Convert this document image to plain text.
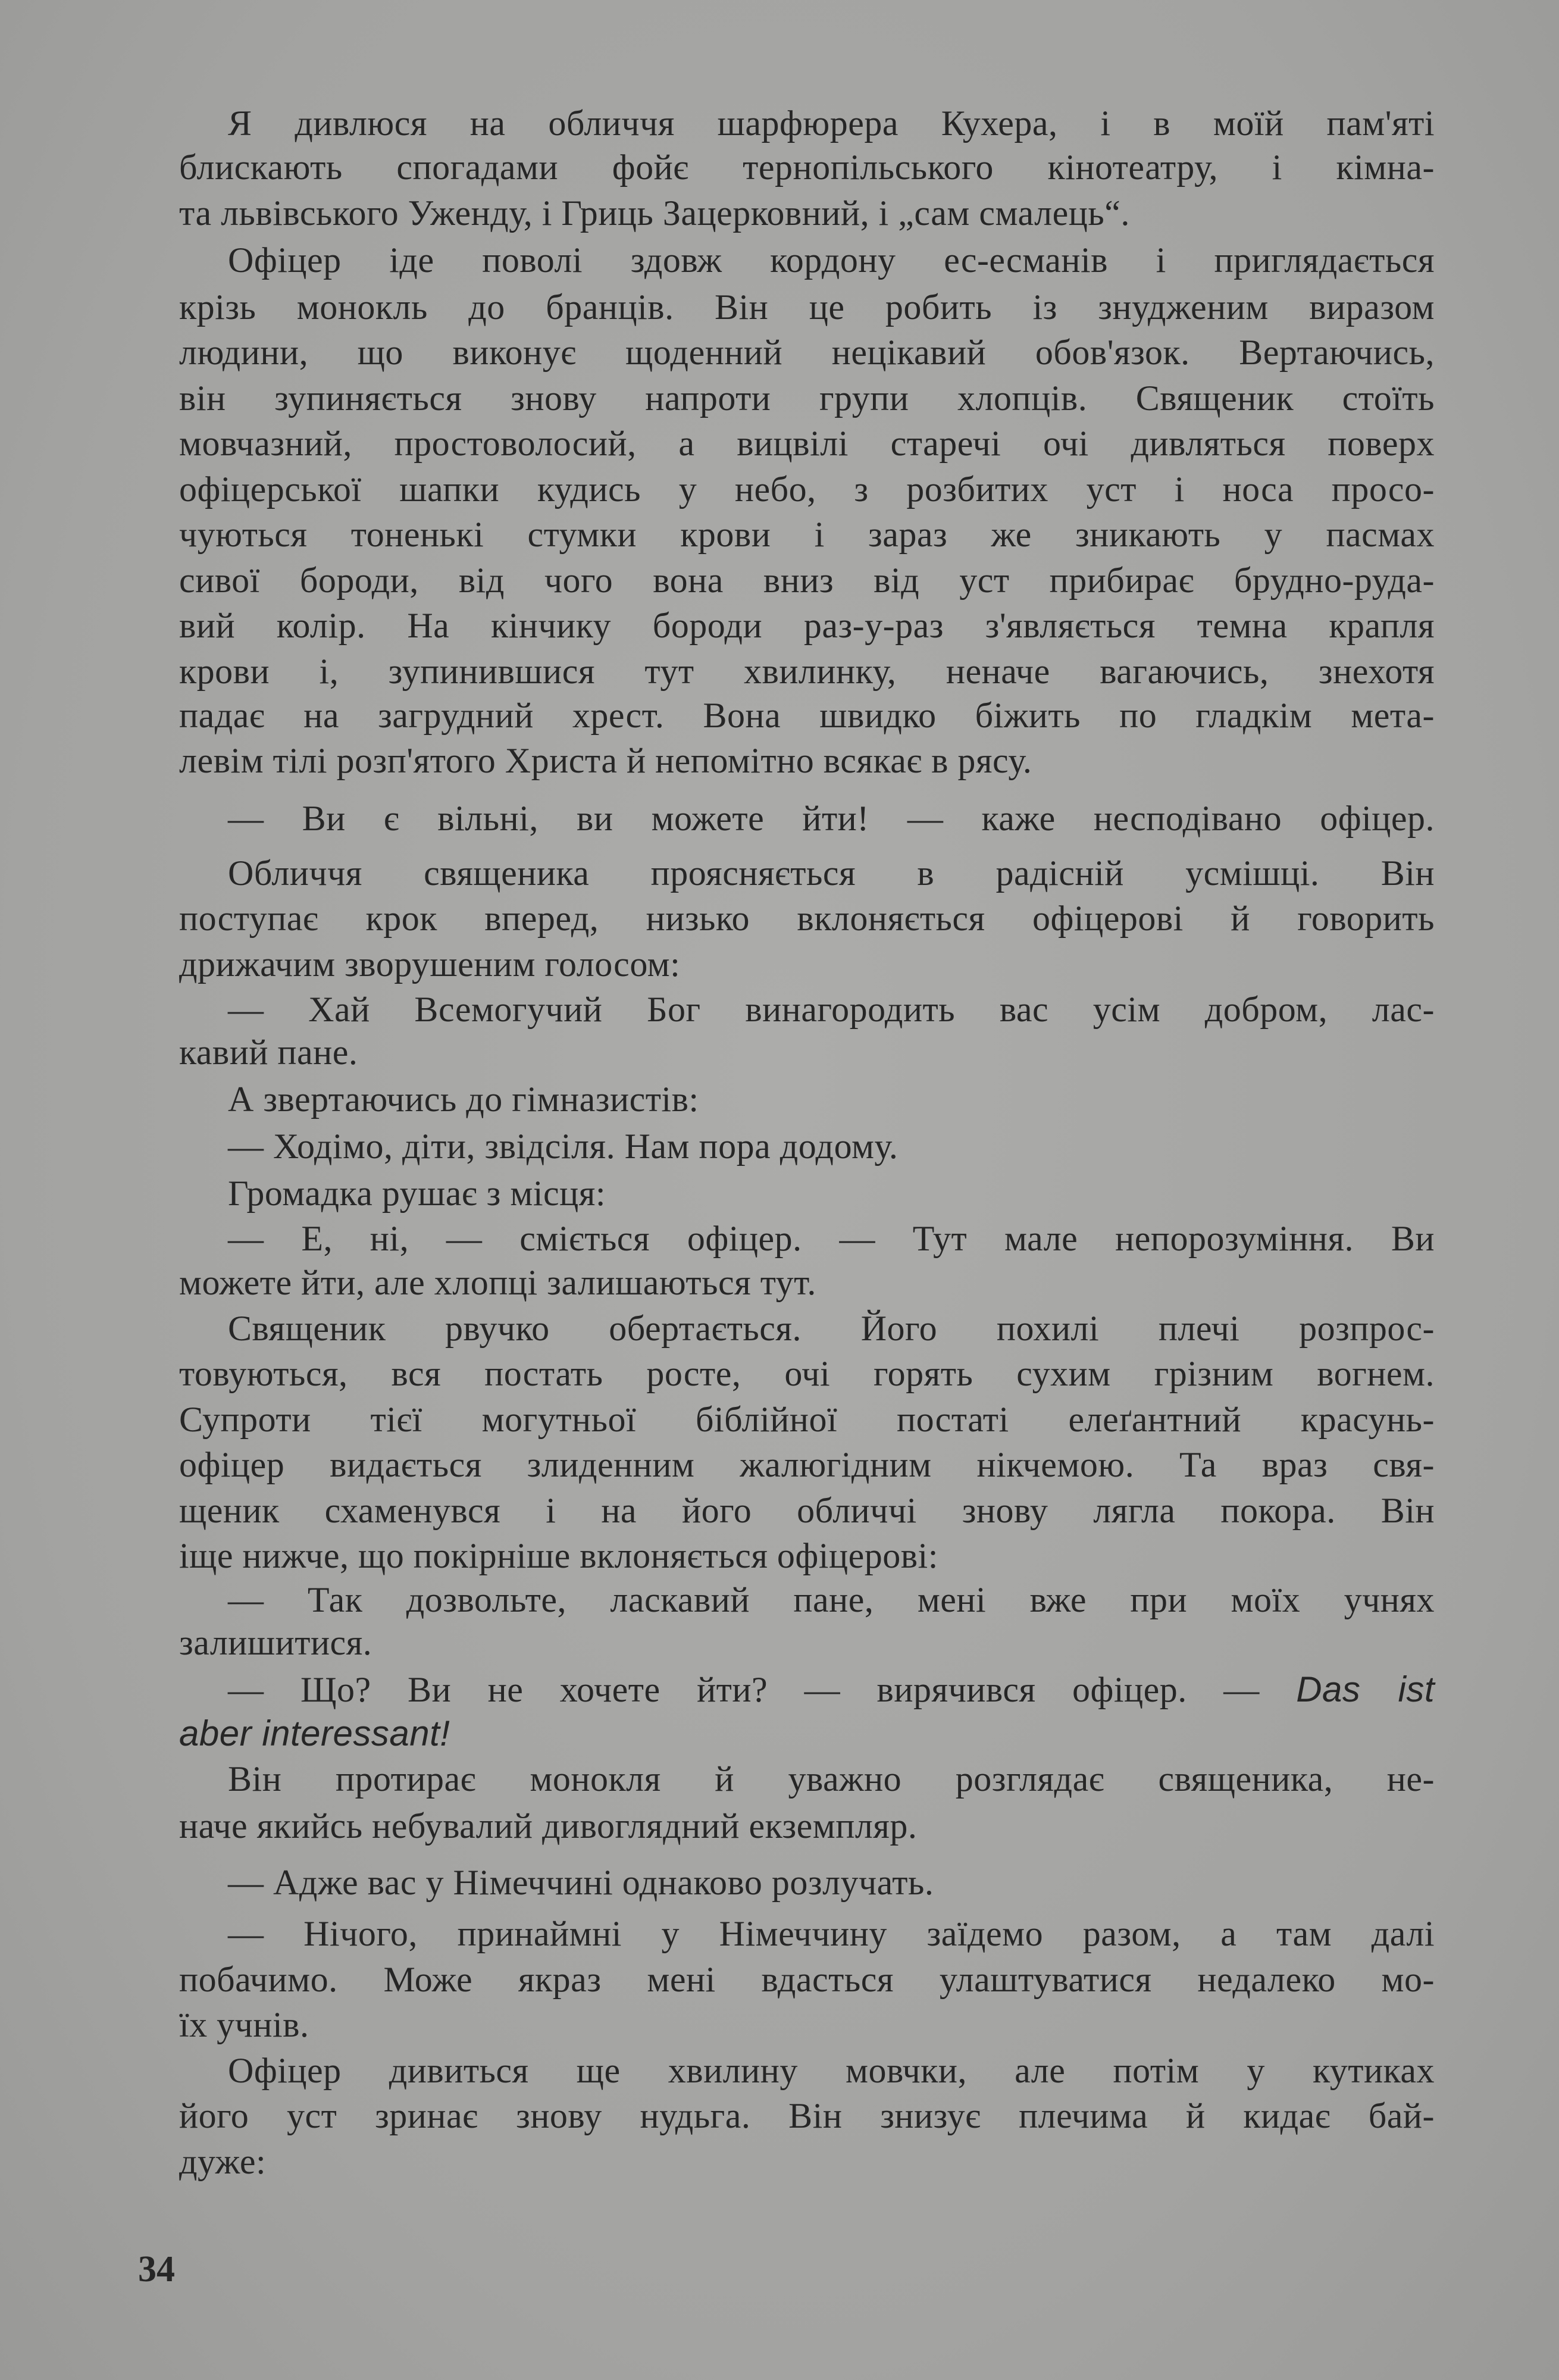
Я дивлюся на обличчя шарфюрера Кухера, і в моїй пам'яті
блискають спогадами фойє тернопільського кінотеатру, і кімна-
та львівського Уженду, і Гриць Зацерковний, і „сам смалець“.
Офіцер іде поволі здовж кордону ес-есманів і приглядається
крізь монокль до бранців. Він це робить із знудженим виразом
людини, що виконує щоденний нецікавий обов'язок. Вертаючись,
він зупиняється знову напроти групи хлопців. Священик стоїть
мовчазний, простоволосий, а вицвілі старечі очі дивляться поверх
офіцерської шапки кудись у небо, з розбитих уст і носа просо-
чуються тоненькі стумки крови і зараз же зникають у пасмах
сивої бороди, від чого вона вниз від уст прибирає брудно-руда-
вий колір. На кінчику бороди раз-у-раз з'являється темна крапля
крови і, зупинившися тут хвилинку, неначе вагаючись, знехотя
падає на загрудний хрест. Вона швидко біжить по гладкім мета-
левім тілі розп'ятого Христа й непомітно всякає в рясу.
— Ви є вільні, ви можете йти! — каже несподівано офіцер.
Обличчя священика проясняється в радісній усмішці. Він
поступає крок вперед, низько вклоняється офіцерові й говорить
дрижачим зворушеним голосом:
— Хай Всемогучий Бог винагородить вас усім добром, лас-
кавий пане.
А звертаючись до гімназистів:
— Ходімо, діти, звідсіля. Нам пора додому.
Громадка рушає з місця:
— Е, ні, — сміється офіцер. — Тут мале непорозуміння. Ви
можете йти, але хлопці залишаються тут.
Священик рвучко обертається. Його похилі плечі розпрос-
товуються, вся постать росте, очі горять сухим грізним вогнем.
Супроти тієї могутньої біблійної постаті елеґантний красунь-
офіцер видається злиденним жалюгідним нікчемою. Та враз свя-
щеник схаменувся і на його обличчі знову лягла покора. Він
іще нижче, що покірніше вклоняється офіцерові:
— Так дозвольте, ласкавий пане, мені вже при моїх учнях
залишитися.
— Що? Ви не хочете йти? — вирячився офіцер. — Das ist
aber interessant!
Він протирає монокля й уважно розглядає священика, не-
наче якийсь небувалий дивоглядний екземпляр.
— Адже вас у Німеччині однаково розлучать.
— Нічого, принаймні у Німеччину заїдемо разом, а там далі
побачимо. Може якраз мені вдасться улаштуватися недалеко мо-
їх учнів.
Офіцер дивиться ще хвилину мовчки, але потім у кутиках
його уст зринає знову нудьга. Він знизує плечима й кидає бай-
дуже:
34
